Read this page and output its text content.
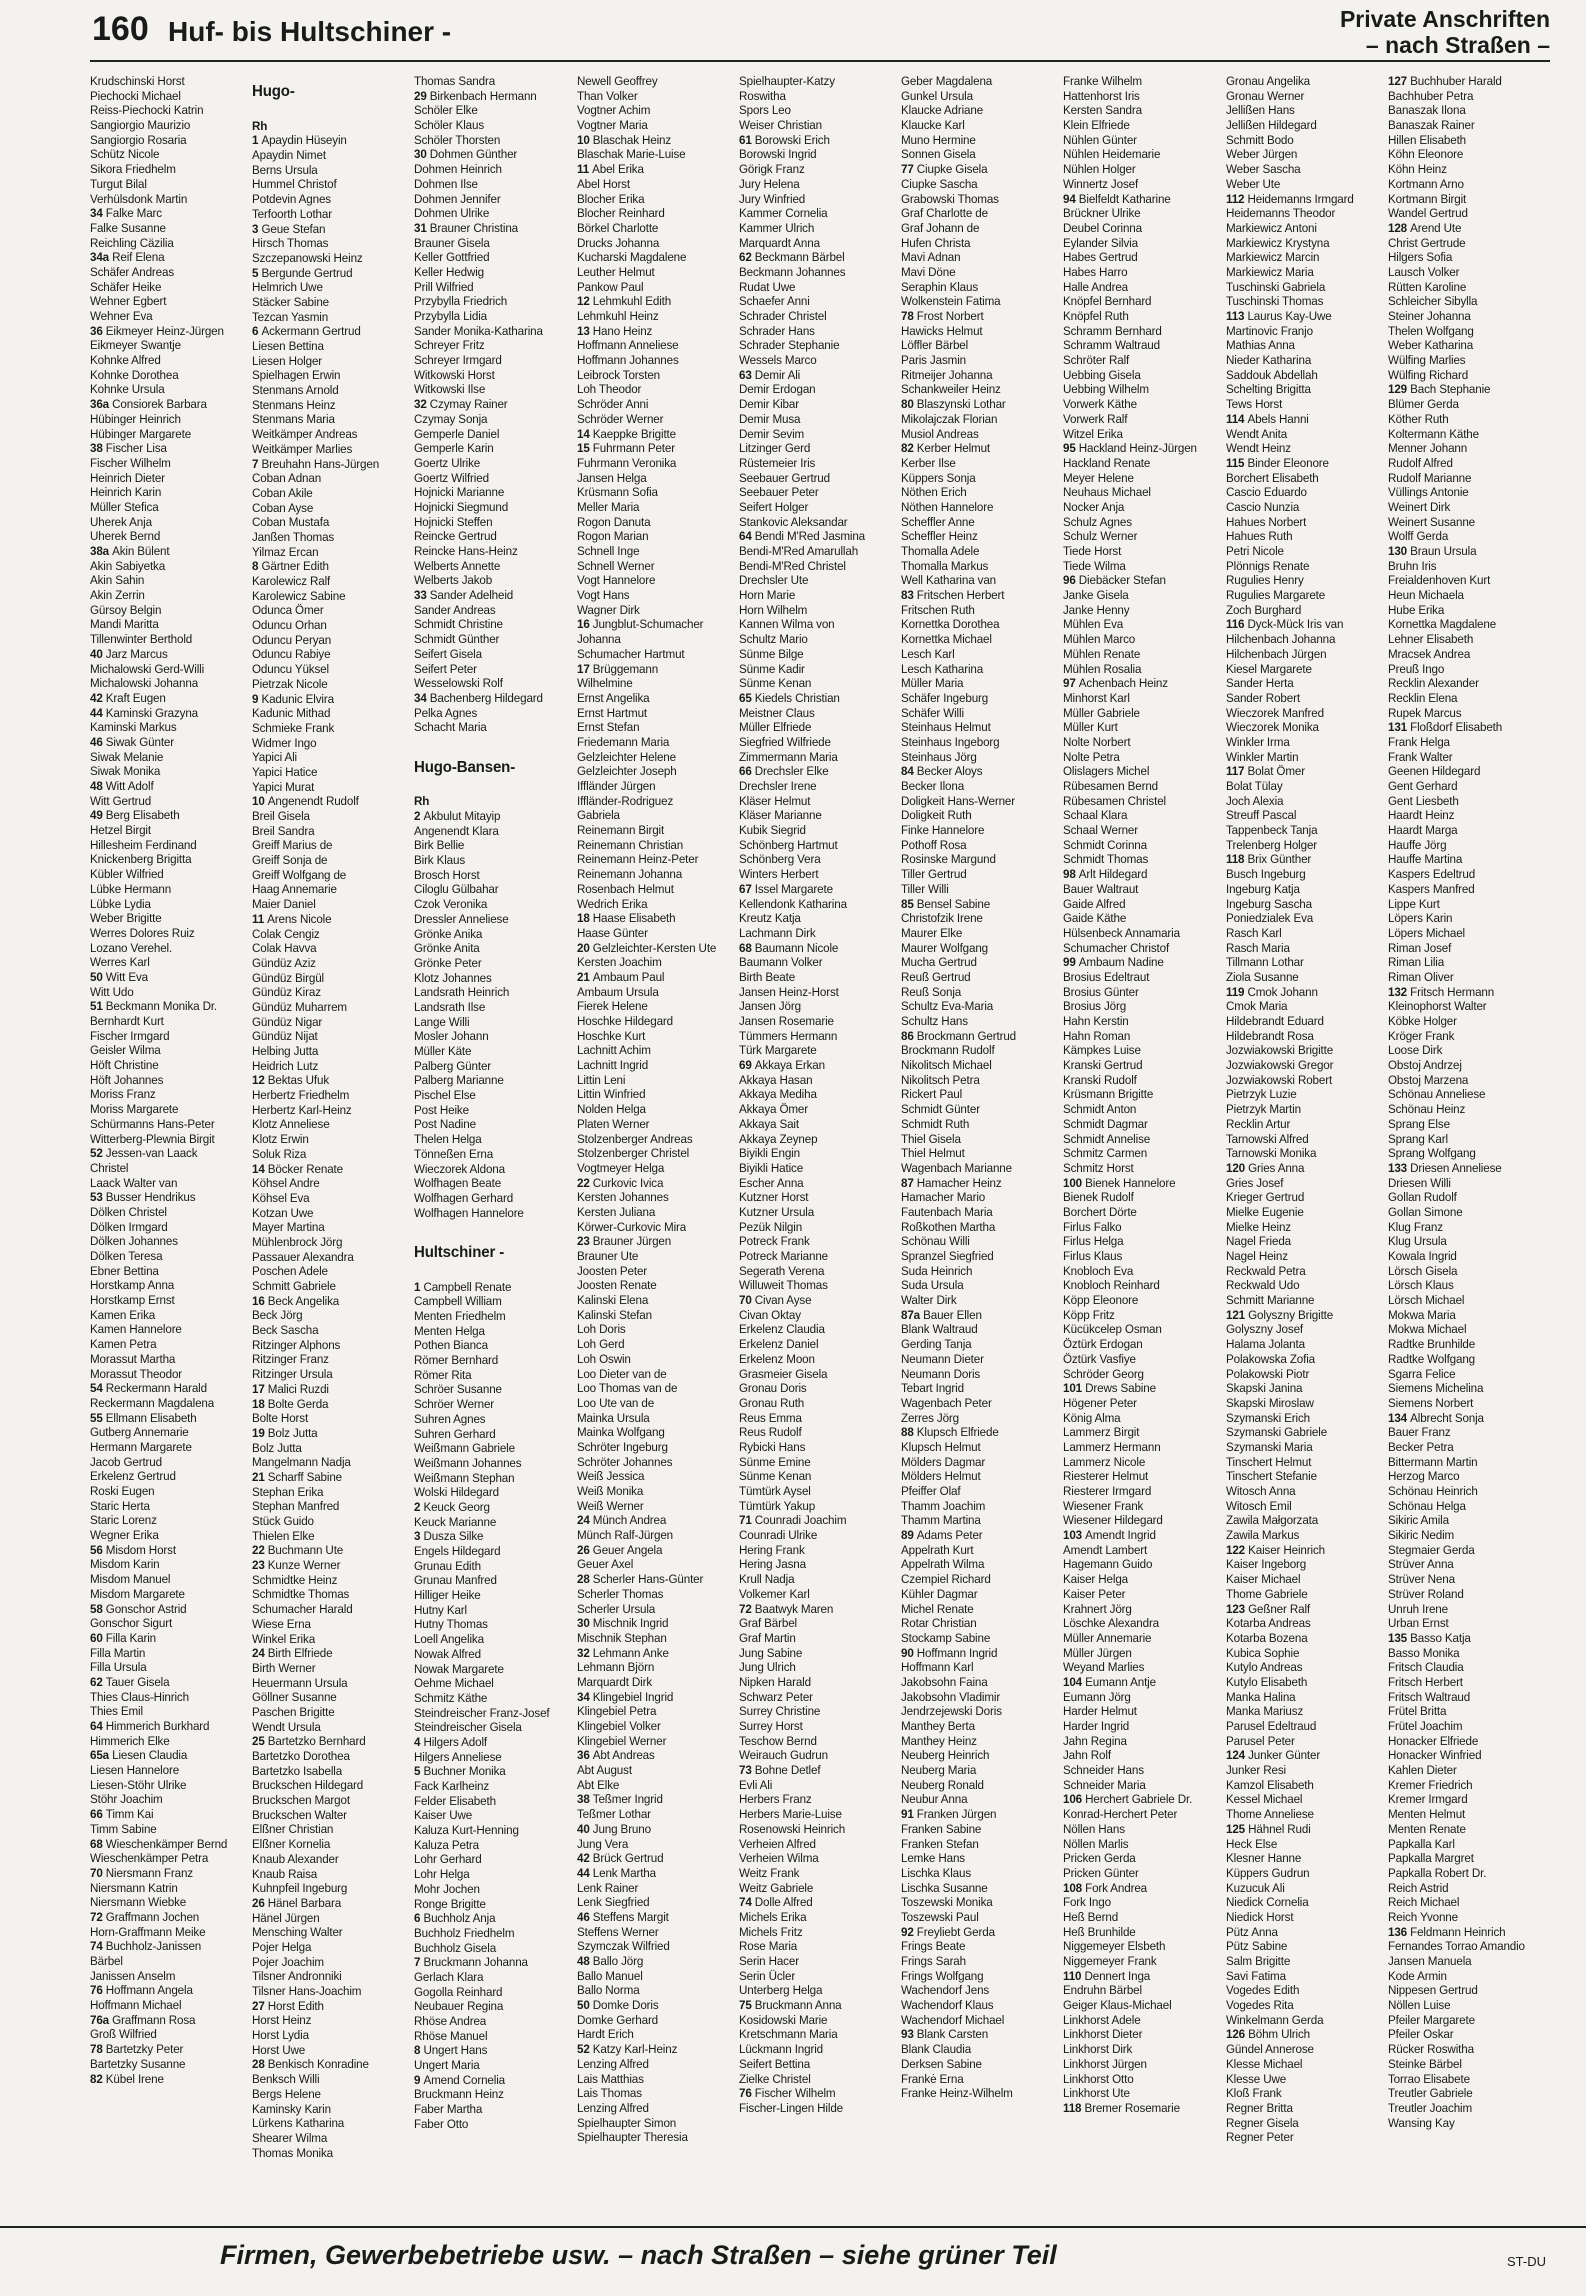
160 Huf- bis Hultschiner -	Private Anschriften
– nach Straßen –
Krudschinski Horst
Piechocki Michael
Reiss-Piechocki Katrin
Sangiorgio Maurizio
Sangiorgio Rosaria
Schütz Nicole
Sikora Friedhelm
Turgut Bilal
Verhülsdonk Martin
34 Falke Marc
Falke Susanne
Reichling Cäzilia
34a Reif Elena
Schäfer Andreas
Schäfer Heike
Wehner Egbert
Wehner Eva
36 Eikmeyer Heinz-Jürgen
Eikmeyer Swantje
Kohnke Alfred
Kohnke Dorothea
Kohnke Ursula
36a Consiorek Barbara
Hübinger Heinrich
Hübinger Margarete
38 Fischer Lisa
Fischer Wilhelm
Heinrich Dieter
Heinrich Karin
Müller Stefica
Uherek Anja
Uherek Bernd
38a Akin Bülent
Akin Sabiyetka
Akin Sahin
Akin Zerrin
Gürsoy Belgin
Mandi Maritta
Tillenwinter Berthold
40 Jarz Marcus
Michalowski Gerd-Willi
Michalowski Johanna
42 Kraft Eugen
44 Kaminski Grazyna
Kaminski Markus
46 Siwak Günter
Siwak Melanie
Siwak Monika
48 Witt Adolf
Witt Gertrud
49 Berg Elisabeth
Hetzel Birgit
Hillesheim Ferdinand
Knickenberg Brigitta
Kübler Wilfried
Lübke Hermann
Lübke Lydia
Weber Brigitte
Werres Dolores Ruiz
Lozano Verehel.
Werres Karl
50 Witt Eva
Witt Udo
51 Beckmann Monika Dr.
Bernhardt Kurt
Fischer Irmgard
Geisler Wilma
Höft Christine
Höft Johannes
Moriss Franz
Moriss Margarete
Schürmanns Hans-Peter
Witterberg-Plewnia Birgit
52 Jessen-van Laack
Christel
Laack Walter van
53 Busser Hendrikus
Dölken Christel
Dölken Irmgard
Dölken Johannes
Dölken Teresa
Ebner Bettina
Horstkamp Anna
Horstkamp Ernst
Kamen Erika
Kamen Hannelore
Kamen Petra
Morassut Martha
Morassut Theodor
54 Reckermann Harald
Reckermann Magdalena
55 Ellmann Elisabeth
Gutberg Annemarie
Hermann Margarete
Jacob Gertrud
Erkelenz Gertrud
Roski Eugen
Staric Herta
Staric Lorenz
Wegner Erika
56 Misdom Horst
Misdom Karin
Misdom Manuel
Misdom Margarete
58 Gonschor Astrid
Gonschor Sigurt
60 Filla Karin
Filla Martin
Filla Ursula
62 Tauer Gisela
Thies Claus-Hinrich
Thies Emil
64 Himmerich Burkhard
Himmerich Elke
65a Liesen Claudia
Liesen Hannelore
Liesen-Stöhr Ulrike
Stöhr Joachim
66 Timm Kai
Timm Sabine
68 Wieschenkämper Bernd
Wieschenkämper Petra
70 Niersmann Franz
Niersmann Katrin
Niersmann Wiebke
72 Graffmann Jochen
Horn-Graffmann Meike
74 Buchholz-Janissen
Bärbel
Janissen Anselm
76 Hoffmann Angela
Hoffmann Michael
76a Graffmann Rosa
Groß Wilfried
78 Bartetzky Peter
Bartetzky Susanne
82 Kübel Irene
Hugo-
Rh
1 Apaydin Hüseyin
Apaydin Nimet
Berns Ursula
Hummel Christof
Potdevin Agnes
Terfoorth Lothar
3 Geue Stefan
Hirsch Thomas
Szczepanowski Heinz
5 Bergunde Gertrud
Helmrich Uwe
Stäcker Sabine
Tezcan Yasmin
6 Ackermann Gertrud
Liesen Bettina
Liesen Holger
Spielhagen Erwin
Stenmans Arnold
Stenmans Heinz
Stenmans Maria
Weitkämper Andreas
Weitkämper Marlies
7 Breuhahn Hans-Jürgen
Coban Adnan
Coban Akile
Coban Ayse
Coban Mustafa
Janßen Thomas
Yilmaz Ercan
8 Gärtner Edith
Karolewicz Ralf
Karolewicz Sabine
Odunca Ömer
Oduncu Orhan
Oduncu Peryan
Oduncu Rabiye
Oduncu Yüksel
Pietrzak Nicole
9 Kadunic Elvira
Kadunic Mithad
Schmieke Frank
Widmer Ingo
Yapici Ali
Yapici Hatice
Yapici Murat
10 Angenendt Rudolf
Breil Gisela
Breil Sandra
Greiff Marius de
Greiff Sonja de
Greiff Wolfgang de
Haag Annemarie
Maier Daniel
11 Arens Nicole
Colak Cengiz
Colak Havva
Gündüz Aziz
Gündüz Birgül
Gündüz Kiraz
Gündüz Muharrem
Gündüz Nigar
Gündüz Nijat
Helbing Jutta
Heidrich Lutz
12 Bektas Ufuk
Herbertz Friedhelm
Herbertz Karl-Heinz
Klotz Anneliese
Klotz Erwin
Soluk Riza
14 Böcker Renate
Köhsel Andre
Köhsel Eva
Kotzan Uwe
Mayer Martina
Mühlenbrock Jörg
Passauer Alexandra
Poschen Adele
Schmitt Gabriele
16 Beck Angelika
Beck Jörg
Beck Sascha
Ritzinger Alphons
Ritzinger Franz
Ritzinger Ursula
17 Malici Ruzdi
18 Bolte Gerda
Bolte Horst
19 Bolz Jutta
Bolz Jutta
Mangelmann Nadja
21 Scharff Sabine
Stephan Erika
Stephan Manfred
Stück Guido
Thielen Elke
22 Buchmann Ute
23 Kunze Werner
Schmidtke Heinz
Schmidtke Thomas
Schumacher Harald
Wiese Erna
Winkel Erika
24 Birth Elfriede
Birth Werner
Heuermann Ursula
Göllner Susanne
Paschen Brigitte
Wendt Ursula
25 Bartetzko Bernhard
Bartetzko Dorothea
Bartetzko Isabella
Bruckschen Hildegard
Bruckschen Margot
Bruckschen Walter
Elßner Christian
Elßner Kornelia
Knaub Alexander
Knaub Raisa
Kuhnpfeil Ingeburg
26 Hänel Barbara
Hänel Jürgen
Mensching Walter
Pojer Helga
Pojer Joachim
Tilsner Andronniki
Tilsner Hans-Joachim
27 Horst Edith
Horst Heinz
Horst Lydia
Horst Uwe
28 Benkisch Konradine
Benksch Willi
Bergs Helene
Kaminsky Karin
Lürkens Katharina
Shearer Wilma
Thomas Monika
Thomas Sandra
29 Birkenbach Hermann
Schöler Elke
Schöler Klaus
Schöler Thorsten
30 Dohmen Günther
Dohmen Heinrich
Dohmen Ilse
Dohmen Jennifer
Dohmen Ulrike
31 Brauner Christina
Brauner Gisela
Keller Gottfried
Keller Hedwig
Prill Wilfried
Przybylla Friedrich
Przybylla Lidia
Sander Monika-Katharina
Schreyer Fritz
Schreyer Irmgard
Witkowski Horst
Witkowski Ilse
32 Czymay Rainer
Czymay Sonja
Gemperle Daniel
Gemperle Karin
Goertz Ulrike
Goertz Wilfried
Hojnicki Marianne
Hojnicki Siegmund
Hojnicki Steffen
Reincke Gertrud
Reincke Hans-Heinz
Welberts Annette
Welberts Jakob
33 Sander Adelheid
Sander Andreas
Schmidt Christine
Schmidt Günther
Seifert Gisela
Seifert Peter
Wesselowski Rolf
34 Bachenberg Hildegard
Pelka Agnes
Schacht Maria
Hugo-Bansen-
Rh
2 Akbulut Mitayip
Angenendt Klara
Birk Bellie
Birk Klaus
Brosch Horst
Ciloglu Gülbahar
Czok Veronika
Dressler Anneliese
Grönke Anika
Grönke Anita
Grönke Peter
Klotz Johannes
Landsrath Heinrich
Landsrath Ilse
Lange Willi
Mosler Johann
Müller Käte
Palberg Günter
Palberg Marianne
Pischel Else
Post Heike
Post Nadine
Thelen Helga
Tönneßen Erna
Wieczorek Aldona
Wolfhagen Beate
Wolfhagen Gerhard
Wolfhagen Hannelore
Hultschiner -
1 Campbell Renate
Campbell William
Menten Friedhelm
Menten Helga
Pothen Bianca
Römer Bernhard
Römer Rita
Schröer Susanne
Schröer Werner
Suhren Agnes
Suhren Gerhard
Weißmann Gabriele
Weißmann Johannes
Weißmann Stephan
Wolski Hildegard
2 Keuck Georg
Keuck Marianne
3 Dusza Silke
Engels Hildegard
Grunau Edith
Grunau Manfred
Hilliger Heike
Hutny Karl
Hutny Thomas
Loell Angelika
Nowak Alfred
Nowak Margarete
Oehme Michael
Schmitz Käthe
Steindreischer Franz-Josef
Steindreischer Gisela
4 Hilgers Adolf
Hilgers Anneliese
5 Buchner Monika
Fack Karlheinz
Felder Elisabeth
Kaiser Uwe
Kaluza Kurt-Henning
Kaluza Petra
Lohr Gerhard
Lohr Helga
Mohr Jochen
Ronge Brigitte
6 Buchholz Anja
Buchholz Friedhelm
Buchholz Gisela
7 Bruckmann Johanna
Gerlach Klara
Gogolla Reinhard
Neubauer Regina
Rhöse Andrea
Rhöse Manuel
8 Ungert Hans
Ungert Maria
9 Amend Cornelia
Bruckmann Heinz
Faber Martha
Faber Otto
Newell Geoffrey
Than Volker
Vogtner Achim
Vogtner Maria
10 Blaschak Heinz
Blaschak Marie-Luise
11 Abel Erika
Abel Horst
Blocher Erika
Blocher Reinhard
Börkel Charlotte
Drucks Johanna
Kucharski Magdalene
Leuther Helmut
Pankow Paul
12 Lehmkuhl Edith
Lehmkuhl Heinz
13 Hano Heinz
Hoffmann Anneliese
Hoffmann Johannes
Leibrock Torsten
Loh Theodor
Schröder Anni
Schröder Werner
14 Kaeppke Brigitte
15 Fuhrmann Peter
Fuhrmann Veronika
Jansen Helga
Krüsmann Sofia
Meller Maria
Rogon Danuta
Rogon Marian
Schnell Inge
Schnell Werner
Vogt Hannelore
Vogt Hans
Wagner Dirk
16 Jungblut-Schumacher
Johanna
Schumacher Hartmut
17 Brüggemann
Wilhelmine
Ernst Angelika
Ernst Hartmut
Ernst Stefan
Friedemann Maria
Gelzleichter Helene
Gelzleichter Joseph
Iffländer Jürgen
Iffländer-Rodriguez
Gabriela
Reinemann Birgit
Reinemann Christian
Reinemann Heinz-Peter
Reinemann Johanna
Rosenbach Helmut
Wedrich Erika
18 Haase Elisabeth
Haase Günter
20 Gelzleichter-Kersten Ute
Kersten Joachim
21 Ambaum Paul
Ambaum Ursula
Fierek Helene
Hoschke Hildegard
Hoschke Kurt
Lachnitt Achim
Lachnitt Ingrid
Littin Leni
Littin Winfried
Nolden Helga
Platen Werner
Stolzenberger Andreas
Stolzenberger Christel
Vogtmeyer Helga
22 Curkovic Ivica
Kersten Johannes
Kersten Juliana
Körwer-Curkovic Mira
23 Brauner Jürgen
Brauner Ute
Joosten Peter
Joosten Renate
Kalinski Elena
Kalinski Stefan
Loh Doris
Loh Gerd
Loh Oswin
Loo Dieter van de
Loo Thomas van de
Loo Ute van de
Mainka Ursula
Mainka Wolfgang
Schröter Ingeburg
Schröter Johannes
Weiß Jessica
Weiß Monika
Weiß Werner
24 Münch Andrea
Münch Ralf-Jürgen
26 Geuer Angela
Geuer Axel
28 Scherler Hans-Günter
Scherler Thomas
Scherler Ursula
30 Mischnik Ingrid
Mischnik Stephan
32 Lehmann Anke
Lehmann Björn
Marquardt Dirk
34 Klingebiel Ingrid
Klingebiel Petra
Klingebiel Volker
Klingebiel Werner
36 Abt Andreas
Abt August
Abt Elke
38 Teßmer Ingrid
Teßmer Lothar
40 Jung Bruno
Jung Vera
42 Brück Gertrud
44 Lenk Martha
Lenk Rainer
Lenk Siegfried
46 Steffens Margit
Steffens Werner
Szymczak Wilfried
48 Ballo Jörg
Ballo Manuel
Ballo Norma
50 Domke Doris
Domke Gerhard
Hardt Erich
52 Katzy Karl-Heinz
Lenzing Alfred
Lais Matthias
Lais Thomas
Lenzing Alfred
Spielhaupter Simon
Spielhaupter Theresia
Spielhaupter-Katzy
Roswitha
Spors Leo
Weiser Christian
61 Borowski Erich
Borowski Ingrid
Görigk Franz
Jury Helena
Jury Winfried
Kammer Cornelia
Kammer Ulrich
Marquardt Anna
62 Beckmann Bärbel
Beckmann Johannes
Rudat Uwe
Schaefer Anni
Schrader Christel
Schrader Hans
Schrader Stephanie
Wessels Marco
63 Demir Ali
Demir Erdogan
Demir Kibar
Demir Musa
Demir Sevim
Litzinger Gerd
Rüstemeier Iris
Seebauer Gertrud
Seebauer Peter
Seifert Holger
Stankovic Aleksandar
64 Bendi M'Red Jasmina
Bendi-M'Red Amarullah
Bendi-M'Red Christel
Drechsler Ute
Horn Marie
Horn Wilhelm
Kannen Wilma von
Schultz Mario
Sünme Bilge
Sünme Kadir
Sünme Kenan
65 Kiedels Christian
Meistner Claus
Müller Elfriede
Siegfried Wilfriede
Zimmermann Maria
66 Drechsler Elke
Drechsler Irene
Kläser Helmut
Kläser Marianne
Kubik Siegrid
Schönberg Hartmut
Schönberg Vera
Winters Herbert
67 Issel Margarete
Kellendonk Katharina
Kreutz Katja
Lachmann Dirk
68 Baumann Nicole
Baumann Volker
Birth Beate
Jansen Heinz-Horst
Jansen Jörg
Jansen Rosemarie
Tümmers Hermann
Türk Margarete
69 Akkaya Erkan
Akkaya Hasan
Akkaya Mediha
Akkaya Ömer
Akkaya Sait
Akkaya Zeynep
Biyikli Engin
Biyikli Hatice
Escher Anna
Kutzner Horst
Kutzner Ursula
Pezük Nilgin
Potreck Frank
Potreck Marianne
Segerath Verena
Willuweit Thomas
70 Civan Ayse
Civan Oktay
Erkelenz Claudia
Erkelenz Daniel
Erkelenz Moon
Grasmeier Gisela
Gronau Doris
Gronau Ruth
Reus Emma
Reus Rudolf
Rybicki Hans
Sünme Emine
Sünme Kenan
Tümtürk Aysel
Tümtürk Yakup
71 Counradi Joachim
Counradi Ulrike
Hering Frank
Hering Jasna
Krull Nadja
Volkemer Karl
72 Baatwyk Maren
Graf Bärbel
Graf Martin
Jung Sabine
Jung Ulrich
Nipken Harald
Schwarz Peter
Surrey Christine
Surrey Horst
Teschow Bernd
Weirauch Gudrun
73 Bohne Detlef
Evli Ali
Herbers Franz
Herbers Marie-Luise
Rosenowski Heinrich
Verheien Alfred
Verheien Wilma
Weitz Frank
Weitz Gabriele
74 Dolle Alfred
Michels Erika
Michels Fritz
Rose Maria
Serin Hacer
Serin Ücler
Unterberg Helga
75 Bruckmann Anna
Kosidowski Marie
Kretschmann Maria
Lückmann Ingrid
Seifert Bettina
Zielke Christel
76 Fischer Wilhelm
Fischer-Lingen Hilde
Geber Magdalena
Gunkel Ursula
Klaucke Adriane
Klaucke Karl
Muno Hermine
Sonnen Gisela
77 Ciupke Gisela
Ciupke Sascha
Grabowski Thomas
Graf Charlotte de
Graf Johann de
Hufen Christa
Mavi Adnan
Mavi Döne
Seraphin Klaus
Wolkenstein Fatima
78 Frost Norbert
Hawicks Helmut
Löffler Bärbel
Paris Jasmin
Ritmeijer Johanna
Schankweiler Heinz
80 Blaszynski Lothar
Mikolajczak Florian
Musiol Andreas
82 Kerber Helmut
Kerber Ilse
Küppers Sonja
Nöthen Erich
Nöthen Hannelore
Scheffler Anne
Scheffler Heinz
Thomalla Adele
Thomalla Markus
Well Katharina van
83 Fritschen Herbert
Fritschen Ruth
Kornettka Dorothea
Kornettka Michael
Lesch Karl
Lesch Katharina
Müller Maria
Schäfer Ingeburg
Schäfer Willi
Steinhaus Helmut
Steinhaus Ingeborg
Steinhaus Jörg
84 Becker Aloys
Becker Ilona
Doligkeit Hans-Werner
Doligkeit Ruth
Finke Hannelore
Pothoff Rosa
Rosinske Margund
Tiller Gertrud
Tiller Willi
85 Bensel Sabine
Christofzik Irene
Maurer Elke
Maurer Wolfgang
Mucha Gertrud
Reuß Gertrud
Reuß Sonja
Schultz Eva-Maria
Schultz Hans
86 Brockmann Gertrud
Brockmann Rudolf
Nikolitsch Michael
Nikolitsch Petra
Rickert Paul
Schmidt Günter
Schmidt Ruth
Thiel Gisela
Thiel Helmut
Wagenbach Marianne
87 Hamacher Heinz
Hamacher Mario
Fautenbach Maria
Roßkothen Martha
Schönau Willi
Spranzel Siegfried
Suda Heinrich
Suda Ursula
Walter Dirk
87a Bauer Ellen
Blank Waltraud
Gerding Tanja
Neumann Dieter
Neumann Doris
Tebart Ingrid
Wagenbach Peter
Zerres Jörg
88 Klupsch Elfriede
Klupsch Helmut
Mölders Dagmar
Mölders Helmut
Pfeiffer Olaf
Thamm Joachim
Thamm Martina
89 Adams Peter
Appelrath Kurt
Appelrath Wilma
Czempiel Richard
Kühler Dagmar
Michel Renate
Rotar Christian
Stockamp Sabine
90 Hoffmann Ingrid
Hoffmann Karl
Jakobsohn Faina
Jakobsohn Vladimir
Jendrzejewski Doris
Manthey Berta
Manthey Heinz
Neuberg Heinrich
Neuberg Maria
Neuberg Ronald
Neubur Anna
91 Franken Jürgen
Franken Sabine
Franken Stefan
Lemke Hans
Lischka Klaus
Lischka Susanne
Toszewski Monika
Toszewski Paul
92 Freyliebt Gerda
Frings Beate
Frings Sarah
Frings Wolfgang
Wachendorf Jens
Wachendorf Klaus
Wachendorf Michael
93 Blank Carsten
Blank Claudia
Derksen Sabine
Frankė Erna
Franke Heinz-Wilhelm
Franke Wilhelm
Hattenhorst Iris
Kersten Sandra
Klein Elfriede
Nühlen Günter
Nühlen Heidemarie
Nühlen Holger
Winnertz Josef
94 Bielfeldt Katharine
Brückner Ulrike
Deubel Corinna
Eylander Silvia
Habes Gertrud
Habes Harro
Halle Andrea
Knöpfel Bernhard
Knöpfel Ruth
Schramm Bernhard
Schramm Waltraud
Schröter Ralf
Uebbing Gisela
Uebbing Wilhelm
Vorwerk Käthe
Vorwerk Ralf
Witzel Erika
95 Hackland Heinz-Jürgen
Hackland Renate
Meyer Helene
Neuhaus Michael
Nocker Anja
Schulz Agnes
Schulz Werner
Tiede Horst
Tiede Wilma
96 Diebäcker Stefan
Janke Gisela
Janke Henny
Mühlen Eva
Mühlen Marco
Mühlen Renate
Mühlen Rosalia
97 Achenbach Heinz
Minhorst Karl
Müller Gabriele
Müller Kurt
Nolte Norbert
Nolte Petra
Olislagers Michel
Rübesamen Bernd
Rübesamen Christel
Schaal Klara
Schaal Werner
Schmidt Corinna
Schmidt Thomas
98 Arlt Hildegard
Bauer Waltraut
Gaide Alfred
Gaide Käthe
Hülsenbeck Annamaria
Schumacher Christof
99 Ambaum Nadine
Brosius Edeltraut
Brosius Günter
Brosius Jörg
Hahn Kerstin
Hahn Roman
Kämpkes Luise
Kranski Gertrud
Kranski Rudolf
Krüsmann Brigitte
Schmidt Anton
Schmidt Dagmar
Schmidt Annelise
Schmitz Carmen
Schmitz Horst
100 Bienek Hannelore
Bienek Rudolf
Borchert Dörte
Firlus Falko
Firlus Helga
Firlus Klaus
Knobloch Eva
Knobloch Reinhard
Köpp Eleonore
Köpp Fritz
Kücükcelep Osman
Öztürk Erdogan
Öztürk Vasfiye
Schröder Georg
101 Drews Sabine
Högener Peter
König Alma
Lammerz Birgit
Lammerz Hermann
Lammerz Nicole
Riesterer Helmut
Riesterer Irmgard
Wiesener Frank
Wiesener Hildegard
103 Amendt Ingrid
Amendt Lambert
Hagemann Guido
Kaiser Helga
Kaiser Peter
Krahnert Jörg
Löschke Alexandra
Müller Annemarie
Müller Jürgen
Weyand Marlies
104 Eumann Antje
Eumann Jörg
Harder Helmut
Harder Ingrid
Jahn Regina
Jahn Rolf
Schneider Hans
Schneider Maria
106 Herchert Gabriele Dr.
Konrad-Herchert Peter
Nöllen Hans
Nöllen Marlis
Pricken Gerda
Pricken Günter
108 Fork Andrea
Fork Ingo
Heß Bernd
Heß Brunhilde
Niggemeyer Elsbeth
Niggemeyer Frank
110 Dennert Inga
Endruhn Bärbel
Geiger Klaus-Michael
Linkhorst Adele
Linkhorst Dieter
Linkhorst Dirk
Linkhorst Jürgen
Linkhorst Otto
Linkhorst Ute
118 Bremer Rosemarie
Gronau Angelika
Gronau Werner
Jellißen Hans
Jellißen Hildegard
Schmitt Bodo
Weber Jürgen
Weber Sascha
Weber Ute
112 Heidemanns Irmgard
Heidemanns Theodor
Markiewicz Antoni
Markiewicz Krystyna
Markiewicz Marcin
Markiewicz Maria
Tuschinski Gabriela
Tuschinski Thomas
113 Laurus Kay-Uwe
Martinovic Franjo
Mathias Anna
Nieder Katharina
Saddouk Abdellah
Schelting Brigitta
Tews Horst
114 Abels Hanni
Wendt Anita
Wendt Heinz
115 Binder Eleonore
Borchert Elisabeth
Cascio Eduardo
Cascio Nunzia
Hahues Norbert
Hahues Ruth
Petri Nicole
Plönnigs Renate
Rugulies Henry
Rugulies Margarete
Zoch Burghard
116 Dyck-Mück Iris van
Hilchenbach Johanna
Hilchenbach Jürgen
Kiesel Margarete
Sander Herta
Sander Robert
Wieczorek Manfred
Wieczorek Monika
Winkler Irma
Winkler Martin
117 Bolat Ömer
Bolat Tülay
Joch Alexia
Streuff Pascal
Tappenbeck Tanja
Trelenberg Holger
118 Brix Günther
Busch Ingeburg
Ingeburg Katja
Ingeburg Sascha
Poniedzialek Eva
Rasch Karl
Rasch Maria
Tillmann Lothar
Ziola Susanne
119 Cmok Johann
Cmok Maria
Hildebrandt Eduard
Hildebrandt Rosa
Jozwiakowski Brigitte
Jozwiakowski Gregor
Jozwiakowski Robert
Pietrzyk Luzie
Pietrzyk Martin
Recklin Artur
Tarnowski Alfred
Tarnowski Monika
120 Gries Anna
Gries Josef
Krieger Gertrud
Mielke Eugenie
Mielke Heinz
Nagel Frieda
Nagel Heinz
Reckwald Petra
Reckwald Udo
Schmitt Marianne
121 Golyszny Brigitte
Golyszny Josef
Halama Jolanta
Polakowska Zofia
Polakowski Piotr
Skapski Janina
Skapski Miroslaw
Szymanski Erich
Szymanski Gabriele
Szymanski Maria
Tinschert Helmut
Tinschert Stefanie
Witosch Anna
Witosch Emil
Zawila Małgorzata
Zawila Markus
122 Kaiser Heinrich
Kaiser Ingeborg
Kaiser Michael
Thome Gabriele
123 Geßner Ralf
Kotarba Andreas
Kotarba Bozena
Kubica Sophie
Kutylo Andreas
Kutylo Elisabeth
Manka Halina
Manka Mariusz
Parusel Edeltraud
Parusel Peter
124 Junker Günter
Junker Resi
Kamzol Elisabeth
Kessel Michael
Thome Anneliese
125 Hähnel Rudi
Heck Else
Klesner Hanne
Küppers Gudrun
Kuzucuk Ali
Niedick Cornelia
Niedick Horst
Pütz Anna
Pütz Sabine
Salm Brigitte
Savi Fatima
Vogedes Edith
Vogedes Rita
Winkelmann Gerda
126 Böhm Ulrich
Gündel Annerose
Klesse Michael
Klesse Uwe
Kloß Frank
Regner Britta
Regner Gisela
Regner Peter
127 Buchhuber Harald
Bachhuber Petra
Banaszak Ilona
Banaszak Rainer
Hillen Elisabeth
Köhn Eleonore
Köhn Heinz
Kortmann Arno
Kortmann Birgit
Wandel Gertrud
128 Arend Ute
Christ Gertrude
Hilgers Sofia
Lausch Volker
Rütten Karoline
Schleicher Sibylla
Steiner Johanna
Thelen Wolfgang
Weber Katharina
Wülfing Marlies
Wülfing Richard
129 Bach Stephanie
Blümer Gerda
Köther Ruth
Koltermann Käthe
Menner Johann
Rudolf Alfred
Rudolf Marianne
Vüllings Antonie
Weinert Dirk
Weinert Susanne
Wolff Gerda
130 Braun Ursula
Bruhn Iris
Freialdenhoven Kurt
Heun Michaela
Hube Erika
Kornettka Magdalene
Lehner Elisabeth
Mracsek Andrea
Preuß Ingo
Recklin Alexander
Recklin Elena
Rupek Marcus
131 Floßdorf Elisabeth
Frank Helga
Frank Walter
Geenen Hildegard
Gent Gerhard
Gent Liesbeth
Haardt Heinz
Haardt Marga
Hauffe Jörg
Hauffe Martina
Kaspers Edeltrud
Kaspers Manfred
Lippe Kurt
Löpers Karin
Löpers Michael
Riman Josef
Riman Lilia
Riman Oliver
132 Fritsch Hermann
Kleinophorst Walter
Köbke Holger
Kröger Frank
Loose Dirk
Obstoj Andrzej
Obstoj Marzena
Schönau Anneliese
Schönau Heinz
Sprang Else
Sprang Karl
Sprang Wolfgang
133 Driesen Anneliese
Driesen Willi
Gollan Rudolf
Gollan Simone
Klug Franz
Klug Ursula
Kowala Ingrid
Lörsch Gisela
Lörsch Klaus
Lörsch Michael
Mokwa Maria
Mokwa Michael
Radtke Brunhilde
Radtke Wolfgang
Sgarra Felice
Siemens Michelina
Siemens Norbert
134 Albrecht Sonja
Bauer Franz
Becker Petra
Bittermann Martin
Herzog Marco
Schönau Heinrich
Schönau Helga
Sikiric Amila
Sikiric Nedim
Stegmaier Gerda
Strüver Anna
Strüver Nena
Strüver Roland
Unruh Irene
Urban Ernst
135 Basso Katja
Basso Monika
Fritsch Claudia
Fritsch Herbert
Fritsch Waltraud
Frütel Britta
Frütel Joachim
Honacker Elfriede
Honacker Winfried
Kahlen Dieter
Kremer Friedrich
Kremer Irmgard
Menten Helmut
Menten Renate
Papkalla Karl
Papkalla Margret
Papkalla Robert Dr.
Reich Astrid
Reich Michael
Reich Yvonne
136 Feldmann Heinrich
Fernandes Torrao Amandio
Jansen Manuela
Kode Armin
Nippesen Gertrud
Nöllen Luise
Pfeiler Margarete
Pfeiler Oskar
Rücker Roswitha
Steinke Bärbel
Torrao Elisabete
Treutler Gabriele
Treutler Joachim
Wansing Kay
Firmen, Gewerbebetriebe usw. – nach Straßen – siehe grüner Teil	ST-DU
